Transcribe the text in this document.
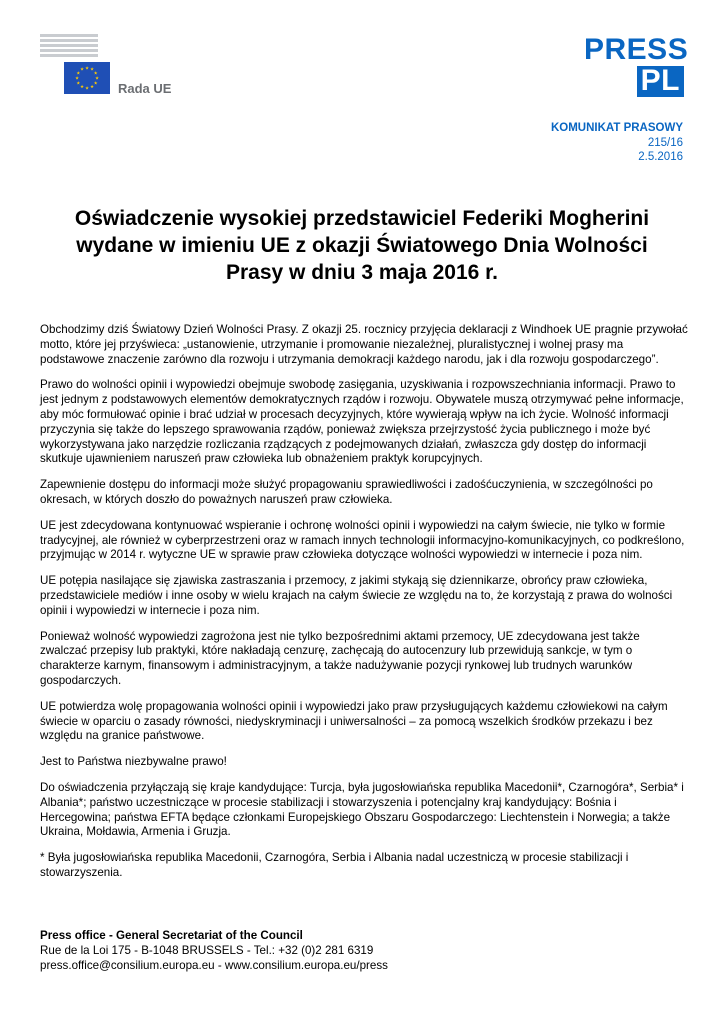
★ ★
★
★
★
★
★
★
★
★
★
★
Rada UE
PRESS
PL
KOMUNIKAT PRASOWY
215/16
2.5.2016
Oświadczenie wysokiej przedstawiciel Federiki Mogherini wydane w imieniu UE z okazji Światowego Dnia Wolności Prasy w dniu 3 maja 2016 r.

Obchodzimy dziś Światowy Dzień Wolności Prasy. Z okazji 25. rocznicy przyjęcia deklaracji z Windhoek UE pragnie przywołać motto, które jej przyświeca: „ustanowienie, utrzymanie i promowanie niezależnej, pluralistycznej i wolnej prasy ma podstawowe znaczenie zarówno dla rozwoju i utrzymania demokracji każdego narodu, jak i dla rozwoju gospodarczego”.

Prawo do wolności opinii i wypowiedzi obejmuje swobodę zasięgania, uzyskiwania i rozpowszechniania informacji. Prawo to jest jednym z podstawowych elementów demokratycznych rządów i rozwoju. Obywatele muszą otrzymywać pełne informacje, aby móc formułować opinie i brać udział w procesach decyzyjnych, które wywierają wpływ na ich życie. Wolność informacji przyczynia się także do lepszego sprawowania rządów, ponieważ zwiększa przejrzystość życia publicznego i może być wykorzystywana jako narzędzie rozliczania rządzących z podejmowanych działań, zwłaszcza gdy dostęp do informacji skutkuje ujawnieniem naruszeń praw człowieka lub obnażeniem praktyk korupcyjnych.

Zapewnienie dostępu do informacji może służyć propagowaniu sprawiedliwości i zadośćuczynienia, w szczególności po okresach, w których doszło do poważnych naruszeń praw człowieka.

UE jest zdecydowana kontynuować wspieranie i ochronę wolności opinii i wypowiedzi na całym świecie, nie tylko w formie tradycyjnej, ale również w cyberprzestrzeni oraz w ramach innych technologii informacyjno-komunikacyjnych, co podkreślono, przyjmując w 2014 r. wytyczne UE w sprawie praw człowieka dotyczące wolności wypowiedzi w internecie i poza nim.

UE potępia nasilające się zjawiska zastraszania i przemocy, z jakimi stykają się dziennikarze, obrońcy praw człowieka, przedstawiciele mediów i inne osoby w wielu krajach na całym świecie ze względu na to, że korzystają z prawa do wolności opinii i wypowiedzi w internecie i poza nim.

Ponieważ wolność wypowiedzi zagrożona jest nie tylko bezpośrednimi aktami przemocy, UE zdecydowana jest także zwalczać przepisy lub praktyki, które nakładają cenzurę, zachęcają do autocenzury lub przewidują sankcje, w tym o charakterze karnym, finansowym i administracyjnym, a także nadużywanie pozycji rynkowej lub trudnych warunków gospodarczych.

UE potwierdza wolę propagowania wolności opinii i wypowiedzi jako praw przysługujących każdemu człowiekowi na całym świecie w oparciu o zasady równości, niedyskryminacji i uniwersalności – za pomocą wszelkich środków przekazu i bez względu na granice państwowe.

Jest to Państwa niezbywalne prawo!

Do oświadczenia przyłączają się kraje kandydujące: Turcja, była jugosłowiańska republika Macedonii*, Czarnogóra*, Serbia* i Albania*; państwo uczestniczące w procesie stabilizacji i stowarzyszenia i potencjalny kraj kandydujący: Bośnia i Hercegowina; państwa EFTA będące członkami Europejskiego Obszaru Gospodarczego: Liechtenstein i Norwegia; a także Ukraina, Mołdawia, Armenia i Gruzja.

* Była jugosłowiańska republika Macedonii, Czarnogóra, Serbia i Albania nadal uczestniczą w procesie stabilizacji i stowarzyszenia.

Press office - General Secretariat of the Council
Rue de la Loi 175 - B-1048 BRUSSELS - Tel.: +32 (0)2 281 6319
press.office@consilium.europa.eu - www.consilium.europa.eu/press
